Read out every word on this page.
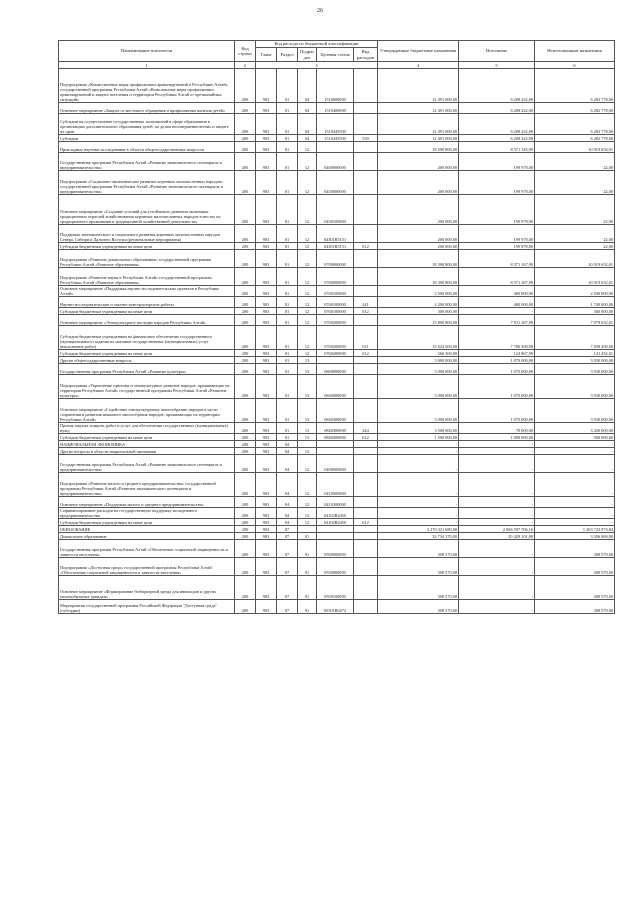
26
Наименование показателя	Код строки	Код расхода по бюджетной классификации					Утвержденные бюджетные назначения	Исполнено	Неисполненные назначения
		Глава	Раздел	Подраз дел	Целевая статья	Вид расходов			
1	2	3					4	5	6
Подпрограмма «Комиссионные меры профилактики правонарушений в Республике Алтай» государственной программы Республики Алтай «Комплексные меры профилактики правонарушений и защита населения и территории Республики Алтай от чрезвычайных ситуаций»	200	903	01	04	1510000000		12 491 000,00	6 208 222,00	6 282 778,00
Основное мероприятие «Защита от жестокого обращения и профилактика насилия детей»	200	903	01	04	1510400000		12 491 000,00	6 208 222,00	6 282 778,00
Субсидии на осуществление государственных полномочий в сфере образования в организациях дополнительного образования детей, по делам несовершеннолетних и защите их прав	200	903	01	04	1510445500		12 491 000,00	6 208 222,00	6 282 778,00
Субсидии	200	903	01	04	1510445500	530	12 491 000,00	6 208 222,00	6 282 778,00
Прикладные научные исследования в области общегосударственных вопросов	200	903	01	12			18 590 800,00	8 571 145,99	10 019 654,01
Государственная программа Республики Алтай «Развитие экономического потенциала и предпринимательства»	200	903	01	12	0400000000		200 000,00	199 978,00	22,00
Подпрограмма «Социально-экономическое развитие коренных малочисленных народов» государственной программы Республики Алтай «Развитие экономического потенциала и предпринимательства»	200	903	01	12	0430000000		200 000,00	199 978,00	22,00
Основное мероприятие «Создание условий для устойчивого развития экономики традиционных отраслей хозяйствования коренных малочисленных народов в местах их традиционного проживания и традиционной хозяйственной деятельности»	200	903	01	12	0430100000		200 000,00	199 978,00	22,00
Поддержка экономического и социального развития коренных малочисленных народов Севера, Сибири и Дальнего Востока (региональные мероприятия)	200	903	01	12	04301R5151		200 000,00	199 978,00	22,00
Субсидии бюджетным учреждениям на иные цели	200	903	01	12	04301R5151	612	200 000,00	199 978,00	22,00
Подпрограмма «Развитие дошкольного образования» государственной программы Республики Алтай «Развитие образования»	200	903	01	12	0700000000		18 390 800,00	8 371 167,99	10 019 632,01
Подпрограмма «Развитие науки в Республике Алтай» государственной программы Республики Алтай «Развитие образования»	200	903	01	12	0760000000		18 390 800,00	8 371 167,99	10 019 632,01
Основное мероприятие «Поддержка научно-исследовательских проектов в Республике Алтай»	200	903	01	12	0760100000		2 500 000,00	460 000,00	2 040 000,00
Научно-исследовательские и опытно-конструкторские работы	200	903	01	12	0760100000	241	2 200 000,00	460 000,00	1 740 000,00
Субсидии бюджетным учреждениям на иные цели	200	903	01	12	0760100000	612	300 000,00	-	300 000,00
Основное мероприятие «Этнокультурное наследие народов Республики Алтай»	200	903	01	12	0760200000		15 890 800,00	7 911 167,99	7 979 632,01
Субсидии бюджетным учреждениям на финансовое обеспечение государственного (муниципального) задания на оказание государственных (муниципальных) услуг (выполнение работ)	200	903	01	12	0760200000	611	15 624 500,00	7 786 300,00	7 838 200,00
Субсидии бюджетным учреждениям на иные цели	200	903	01	12	0760200000	612	266 300,00	124 867,99	141 432,01
Другие общегосударственные вопросы	200	903	01	13			5 000 000,00	1 070 000,00	3 930 000,00
Государственная программа Республики Алтай «Развитие культуры»	200	903	01	13	0800000000		5 000 000,00	1 070 000,00	3 930 000,00
Подпрограмма «Укрепление единства и этнокультурное развитие народов, проживающих на территории Республики Алтай» государственной программы Республики Алтай «Развитие культуры»	200	903	01	13	0840000000		5 000 000,00	1 070 000,00	3 930 000,00
Основное мероприятие «Содействие этнокультурному многообразию народов в части сохранения и развития языкового многообразия народов, проживающих на территории Республики Алтай»	200	903	01	13	0840300000		5 000 000,00	1 070 000,00	3 930 000,00
Прочая закупка товаров, работ и услуг для обеспечения государственных (муниципальных) нужд	200	903	01	13	0840300000	244	3 500 000,00	70 000,00	3 430 000,00
Субсидии бюджетным учреждениям на иные цели	200	903	01	13	0840300000	612	1 500 000,00	1 000 000,00	500 000,00
НАЦИОНАЛЬНАЯ ЭКОНОМИКА	200	903	04				-	-	-
Другие вопросы в области национальной экономики	200	903	04	12			-	-	-
Государственная программа Республики Алтай «Развитие экономического потенциала и предпринимательства»	200	903	04	12	0400000000		-	-	-
Подпрограмма «Развитие малого и среднего предпринимательства» государственной программы Республики Алтай «Развитие экономического потенциала и предпринимательства»	200	903	04	12	0410000000		-	-	-
Основное мероприятие «Поддержка малого и среднего предпринимательства»	200	903	04	12	0410200000		-	-	-
Софинансирование расходов на государственную поддержку молодежного предпринимательства	200	903	04	12	04102R4450		-	-	-
Субсидии бюджетным учреждениям на иные цели	200	903	04	12	04102R4450	612	-	-	-
ОБРАЗОВАНИЕ	200	903	07				3 270 321 680,00	2 066 597 706,16	1 203 723 973,84
Дошкольное образование	200	903	07	01			32 734 170,00	29 428 101,00	3 306 069,00
Государственная программа Республики Алтай «Обеспечение социальной защищенности и занятости населения»	200	903	07	01	0500000000		308 570,00	-	308 570,00
Подпрограмма «Доступная среда» государственной программы Республики Алтай «Обеспечение социальной защищенности и занятости населения»	200	903	07	01	0550000000		308 570,00	-	308 570,00
Основное мероприятие «Формирование безбарьерной среды для инвалидов и других маломобильных граждан»	200	903	07	01	0550100000		308 570,00	-	308 570,00
Мероприятия государственной программы Российской Федерации "Доступная среда" (субсидии)	200	903	07	01	05501R0272		308 570,00	-	308 570,00
